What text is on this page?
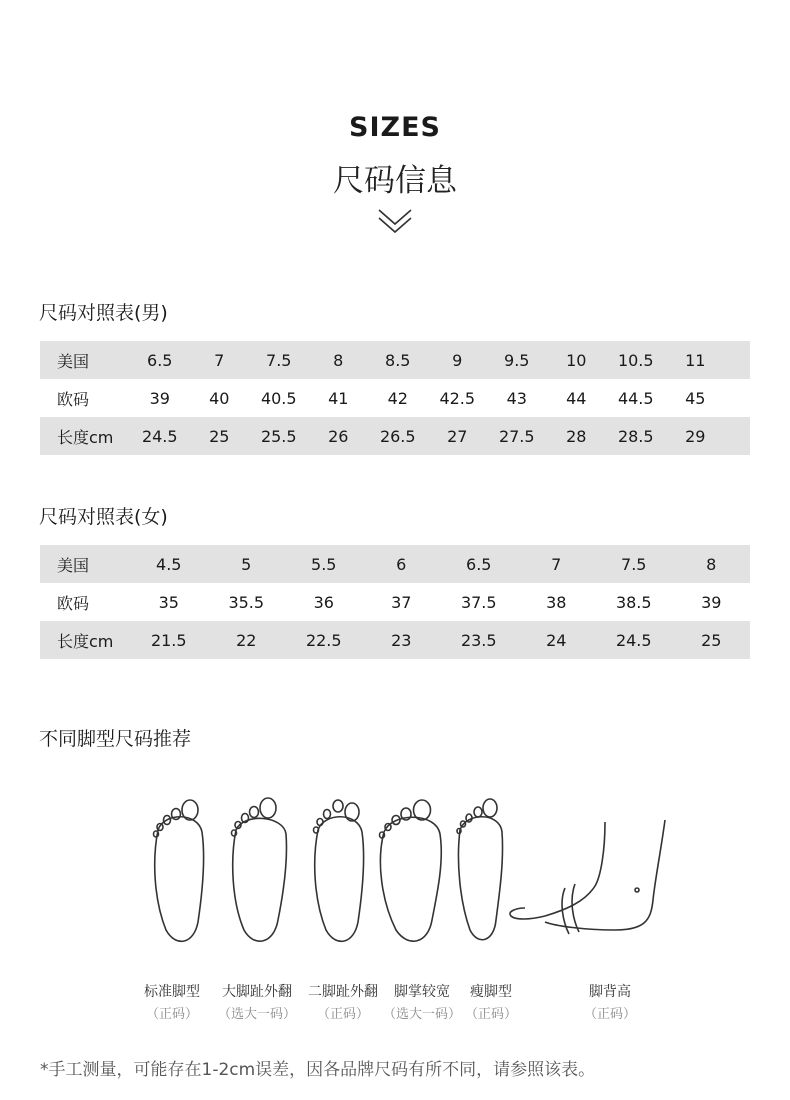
SIZES
尺码信息
尺码对照表(男)
美国	6.5	7	7.5	8	8.5	9	9.5	10	10.5	11
欧码	39	40	40.5	41	42	42.5	43	44	44.5	45
长度cm	24.5	25	25.5	26	26.5	27	27.5	28	28.5	29
尺码对照表(女)
美国	4.5	5	5.5	6	6.5	7	7.5	8
欧码	35	35.5	36	37	37.5	38	38.5	39
长度cm	21.5	22	22.5	23	23.5	24	24.5	25
不同脚型尺码推荐
标准脚型
（正码）
大脚趾外翻
（选大一码）
二脚趾外翻
（正码）
脚掌较宽
（选大一码）
瘦脚型
（正码）
脚背高
（正码）
*手工测量，可能存在1-2cm误差，因各品牌尺码有所不同，请参照该表。
